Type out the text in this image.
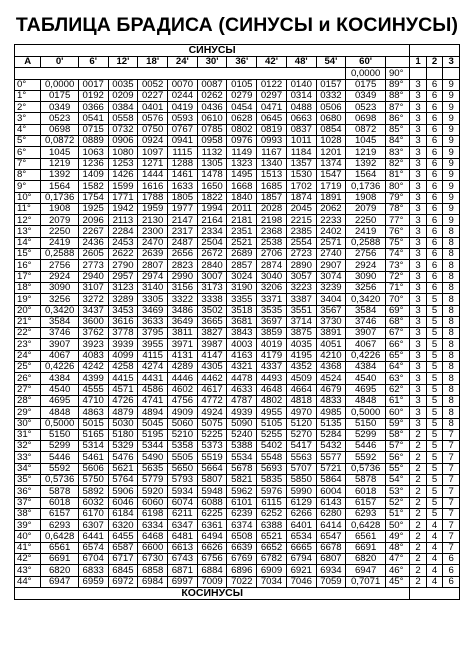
ТАБЛИЦА БРАДИСА (СИНУСЫ и КОСИНУСЫ)
СИНУСЫ															
A	0'	6'	12'	18'	24'	30'	36'	42'	48'	54'	60'		1	2	3
											0,0000	90°			
0°	0,0000	0017	0035	0052	0070	0087	0105	0122	0140	0157	0175	89°	3	6	9
1°	0175	0192	0209	0227	0244	0262	0279	0297	0314	0332	0349	88°	3	6	9
2°	0349	0366	0384	0401	0419	0436	0454	0471	0488	0506	0523	87°	3	6	9
3°	0523	0541	0558	0576	0593	0610	0628	0645	0663	0680	0698	86°	3	6	9
4°	0698	0715	0732	0750	0767	0785	0802	0819	0837	0854	0872	85°	3	6	9
5°	0,0872	0889	0906	0924	0941	0958	0976	0993	1011	1028	1045	84°	3	6	9
6°	1045	1063	1080	1097	1115	1132	1149	1167	1184	1201	1219	83°	3	6	9
7°	1219	1236	1253	1271	1288	1305	1323	1340	1357	1374	1392	82°	3	6	9
8°	1392	1409	1426	1444	1461	1478	1495	1513	1530	1547	1564	81°	3	6	9
9°	1564	1582	1599	1616	1633	1650	1668	1685	1702	1719	0,1736	80°	3	6	9
10°	0,1736	1754	1771	1788	1805	1822	1840	1857	1874	1891	1908	79°	3	6	9
11°	1908	1925	1942	1959	1977	1994	2011	2028	2045	2062	2079	78°	3	6	9
12°	2079	2096	2113	2130	2147	2164	2181	2198	2215	2233	2250	77°	3	6	9
13°	2250	2267	2284	2300	2317	2334	2351	2368	2385	2402	2419	76°	3	6	8
14°	2419	2436	2453	2470	2487	2504	2521	2538	2554	2571	0,2588	75°	3	6	8
15°	0,2588	2605	2622	2639	2656	2672	2689	2706	2723	2740	2756	74°	3	6	8
16°	2756	2773	2790	2807	2823	2840	2857	2874	2890	2907	2924	73°	3	6	8
17°	2924	2940	2957	2974	2990	3007	3024	3040	3057	3074	3090	72°	3	6	8
18°	3090	3107	3123	3140	3156	3173	3190	3206	3223	3239	3256	71°	3	6	8
19°	3256	3272	3289	3305	3322	3338	3355	3371	3387	3404	0,3420	70°	3	5	8
20°	0,3420	3437	3453	3469	3486	3502	3518	3535	3551	3567	3584	69°	3	5	8
21°	3584	3600	3616	3633	3649	3665	3681	3697	3714	3730	3746	68°	3	5	8
22°	3746	3762	3778	3795	3811	3827	3843	3859	3875	3891	3907	67°	3	5	8
23°	3907	3923	3939	3955	3971	3987	4003	4019	4035	4051	4067	66°	3	5	8
24°	4067	4083	4099	4115	4131	4147	4163	4179	4195	4210	0,4226	65°	3	5	8
25°	0,4226	4242	4258	4274	4289	4305	4321	4337	4352	4368	4384	64°	3	5	8
26°	4384	4399	4415	4431	4446	4462	4478	4493	4509	4524	4540	63°	3	5	8
27°	4540	4555	4571	4586	4602	4617	4633	4648	4664	4679	4695	62°	3	5	8
28°	4695	4710	4726	4741	4756	4772	4787	4802	4818	4833	4848	61°	3	5	8
29°	4848	4863	4879	4894	4909	4924	4939	4955	4970	4985	0,5000	60°	3	5	8
30°	0,5000	5015	5030	5045	5060	5075	5090	5105	5120	5135	5150	59°	3	5	8
31°	5150	5165	5180	5195	5210	5225	5240	5255	5270	5284	5299	58°	2	5	7
32°	5299	5314	5329	5344	5358	5373	5388	5402	5417	5432	5446	57°	2	5	7
33°	5446	5461	5476	5490	5505	5519	5534	5548	5563	5577	5592	56°	2	5	7
34°	5592	5606	5621	5635	5650	5664	5678	5693	5707	5721	0,5736	55°	2	5	7
35°	0,5736	5750	5764	5779	5793	5807	5821	5835	5850	5864	5878	54°	2	5	7
36°	5878	5892	5906	5920	5934	5948	5962	5976	5990	6004	6018	53°	2	5	7
37°	6018	6032	6046	6060	6074	6088	6101	6115	6129	6143	6157	52°	2	5	7
38°	6157	6170	6184	6198	6211	6225	6239	6252	6266	6280	6293	51°	2	5	7
39°	6293	6307	6320	6334	6347	6361	6374	6388	6401	6414	0,6428	50°	2	4	7
40°	0,6428	6441	6455	6468	6481	6494	6508	6521	6534	6547	6561	49°	2	4	7
41°	6561	6574	6587	6600	6613	6626	6639	6652	6665	6678	6691	48°	2	4	7
42°	6691	6704	6717	6730	6743	6756	6769	6782	6794	6807	6820	47°	2	4	6
43°	6820	6833	6845	6858	6871	6884	6896	6909	6921	6934	6947	46°	2	4	6
44°	6947	6959	6972	6984	6997	7009	7022	7034	7046	7059	0,7071	45°	2	4	6
КОСИНУСЫ															
